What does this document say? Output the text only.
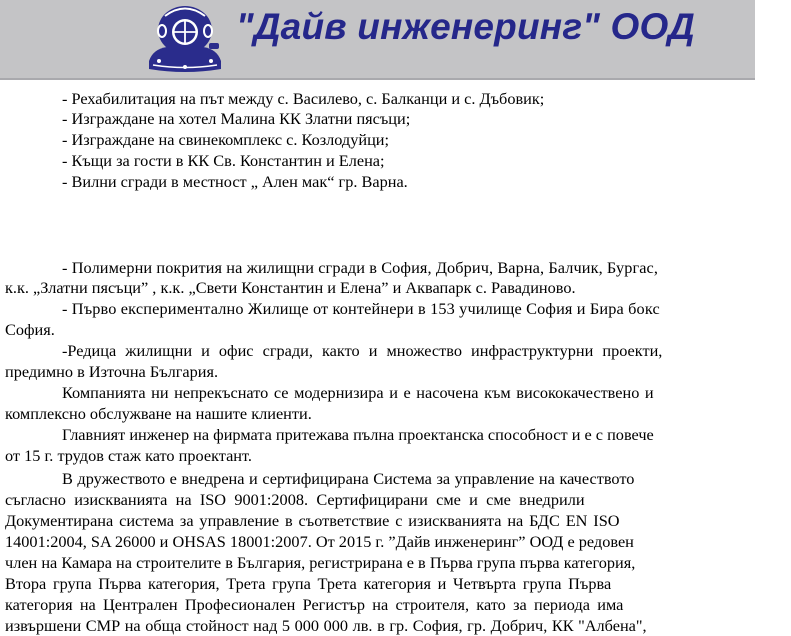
"Дайв инженеринг" ООД
- Рехабилитация на път между с. Василево, с. Балканци и с. Дъбовик;
- Изграждане на хотел Малина КК Златни пясъци;
- Изграждане на свинекомплекс с. Козлодуйци;
- Къщи за гости в КК Св. Константин и Елена;
- Вилни сгради в местност „ Ален мак“ гр. Варна.
- Полимерни покрития на жилищни сгради в София, Добрич, Варна, Балчик, Бургас,
к.к. „Златни пясъци” , к.к. „Свети Константин и Елена” и Аквапарк с. Равадиново.
- Първо експериментално Жилище от контейнери в 153 училище София и Бира бокс
София.
-Редица жилищни и офис сгради, както и множество инфраструктурни проекти,
предимно в Източна България.
Компанията ни непрекъснато се модернизира и е насочена към висококачествено и
комплексно обслужване на нашите клиенти.
Главният инженер на фирмата притежава пълна проектанска способност и е с повече
от 15 г. трудов стаж като проектант.
В дружеството е внедрена и сертифицирана Система за управление на качеството
съгласно изискванията на ISO 9001:2008. Сертифицирани сме и сме внедрили
Документирана система за управление в съответствие с изискванията на БДС EN ISO
14001:2004, SA 26000 и OHSAS 18001:2007. От 2015 г. ”Дайв инженеринг” ООД е редовен
член на Камара на строителите в България, регистрирана е в Първа група първа категория,
Втора група Първа категория, Трета група Трета категория и Четвърта група Първа
категория на Централен Професионален Регистър на строителя, като за периода има
извършени СМР на обща стойност над 5 000 000 лв. в гр. София, гр. Добрич, КК "Албена",
